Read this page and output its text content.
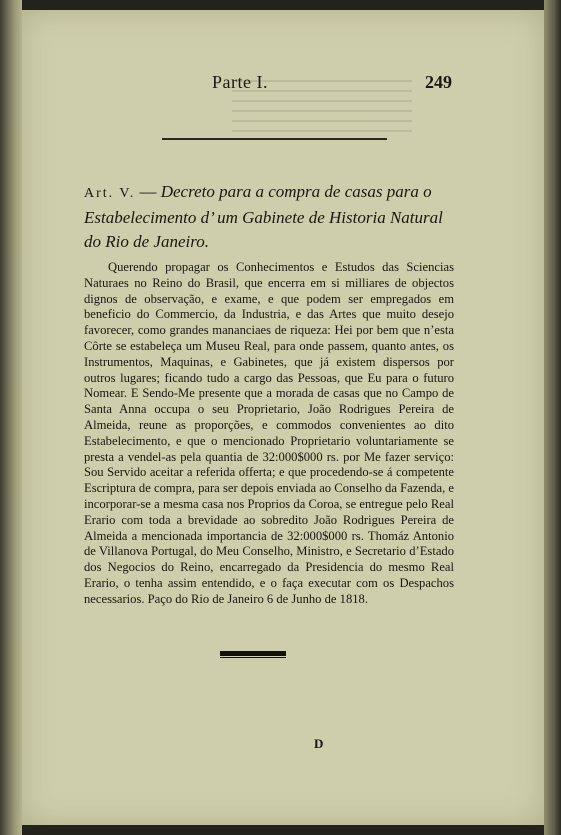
Parte I.	249
Art. V. — Decreto para a compra de casas para o Estabelecimento d’ um Gabinete de Historia Natural do Rio de Janeiro.

Querendo propagar os Conhecimentos e Estudos das Sciencias Naturaes no Reino do Brasil, que encerra em si milliares de objectos dignos de observação, e exame, e que podem ser empregados em beneficio do Commercio, da Industria, e das Artes que muito desejo favorecer, como grandes mananciaes de riqueza: Hei por bem que n’esta Côrte se estabeleça um Museu Real, para onde passem, quanto antes, os Instrumentos, Maquinas, e Gabinetes, que já existem dispersos por outros lugares; ficando tudo a cargo das Pessoas, que Eu para o futuro Nomear. E Sendo-Me presente que a morada de casas que no Campo de Santa Anna occupa o seu Proprietario, João Rodrigues Pereira de Almeida, reune as proporções, e commodos convenientes ao dito Estabelecimento, e que o mencionado Proprietario voluntariamente se presta a vendel-as pela quantia de 32:000$000 rs. por Me fazer serviço: Sou Servido aceitar a referida offerta; e que procedendo-se á competente Escriptura de compra, para ser depois enviada ao Conselho da Fazenda, e incorporar-se a mesma casa nos Proprios da Coroa, se entregue pelo Real Erario com toda a brevidade ao sobredito João Rodrigues Pereira de Almeida a mencionada importancia de 32:000$000 rs. Thomáz Antonio de Villanova Portugal, do Meu Conselho, Ministro, e Secretario d’Estado dos Negocios do Reino, encarregado da Presidencia do mesmo Real Erario, o tenha assim entendido, e o faça executar com os Despachos necessarios. Paço do Rio de Janeiro 6 de Junho de 1818.

D
